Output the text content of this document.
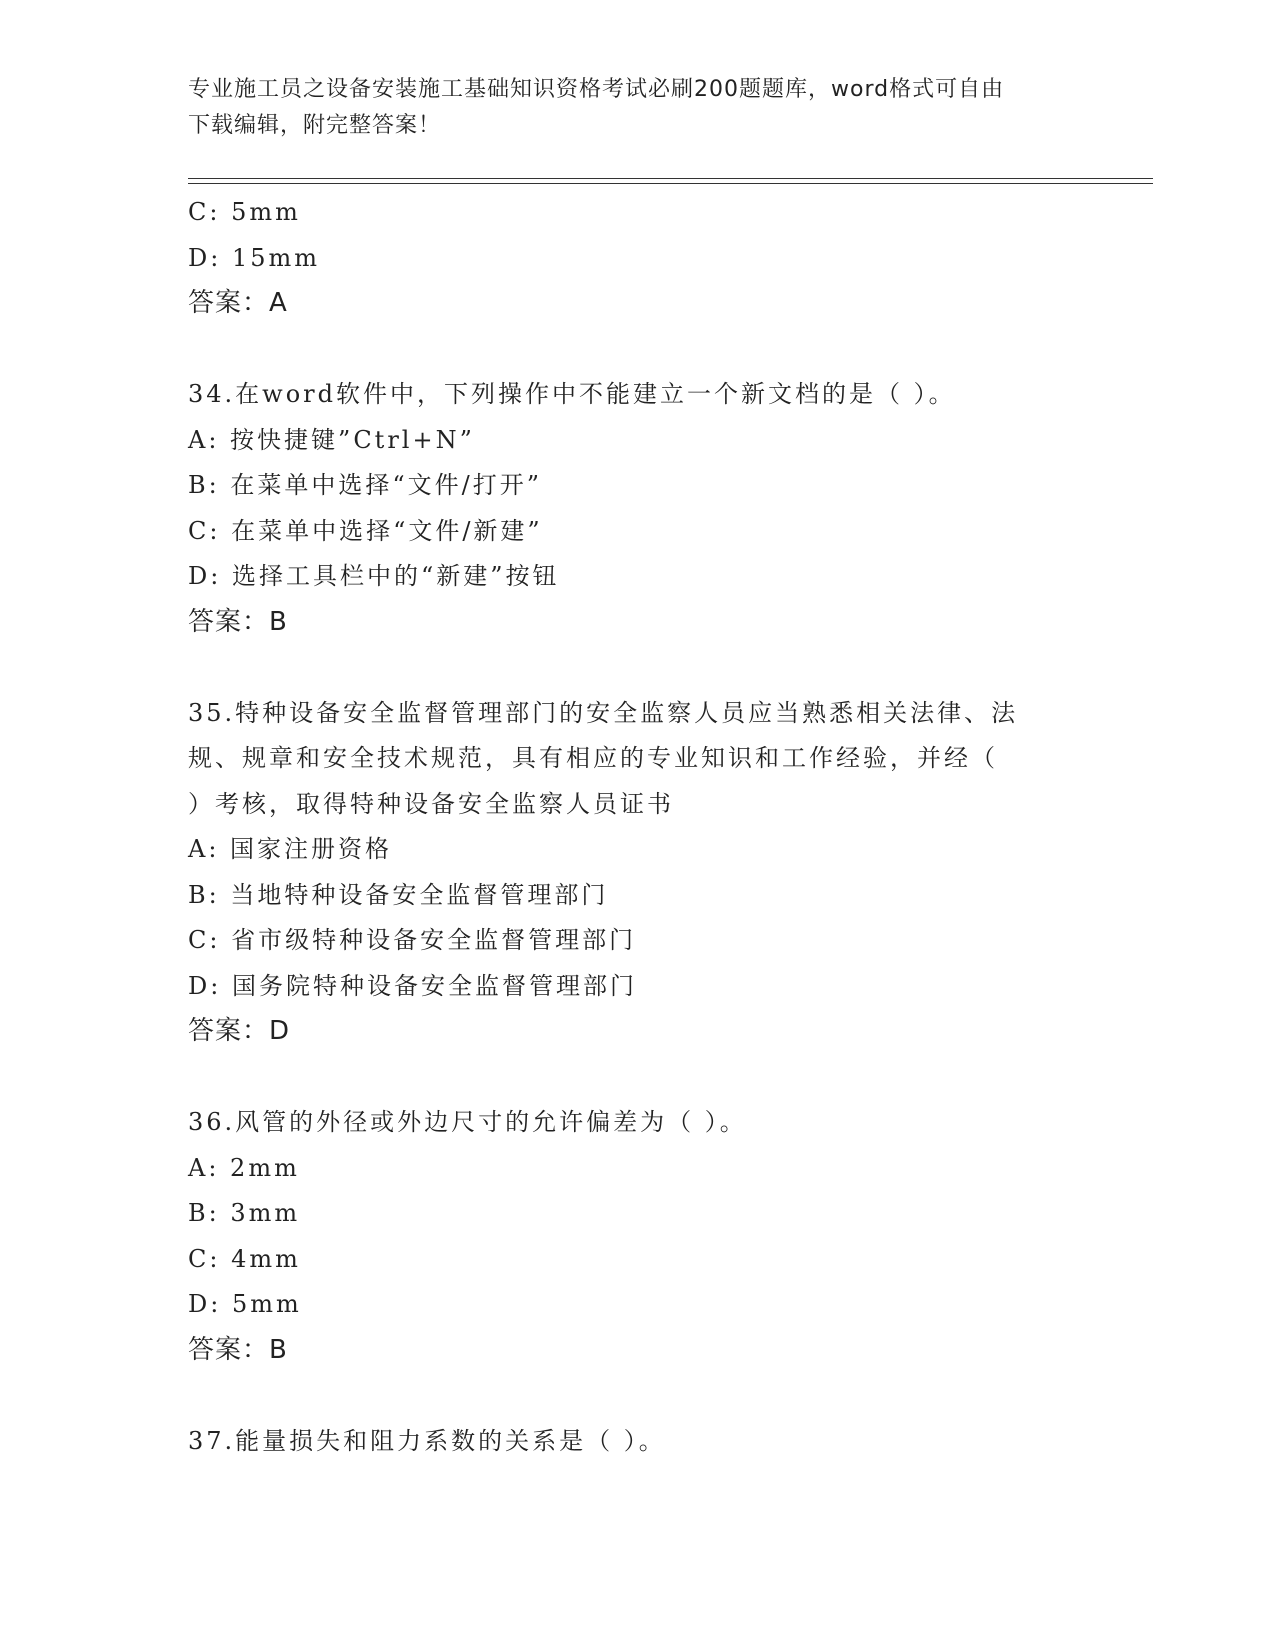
专业施工员之设备安装施工基础知识资格考试必刷200题题库，word格式可自由
下载编辑，附完整答案！
C: 5mm
D: 15mm
答案：A
34.在word软件中，下列操作中不能建立一个新文档的是（ ）。
A: 按快捷键”Ctrl+N”
B: 在菜单中选择“文件/打开”
C: 在菜单中选择“文件/新建”
D: 选择工具栏中的“新建”按钮
答案：B
35.特种设备安全监督管理部门的安全监察人员应当熟悉相关法律、法
规、规章和安全技术规范，具有相应的专业知识和工作经验，并经（
）考核，取得特种设备安全监察人员证书
A: 国家注册资格
B: 当地特种设备安全监督管理部门
C: 省市级特种设备安全监督管理部门
D: 国务院特种设备安全监督管理部门
答案：D
36.风管的外径或外边尺寸的允许偏差为（ ）。
A: 2mm
B: 3mm
C: 4mm
D: 5mm
答案：B
37.能量损失和阻力系数的关系是（ ）。
